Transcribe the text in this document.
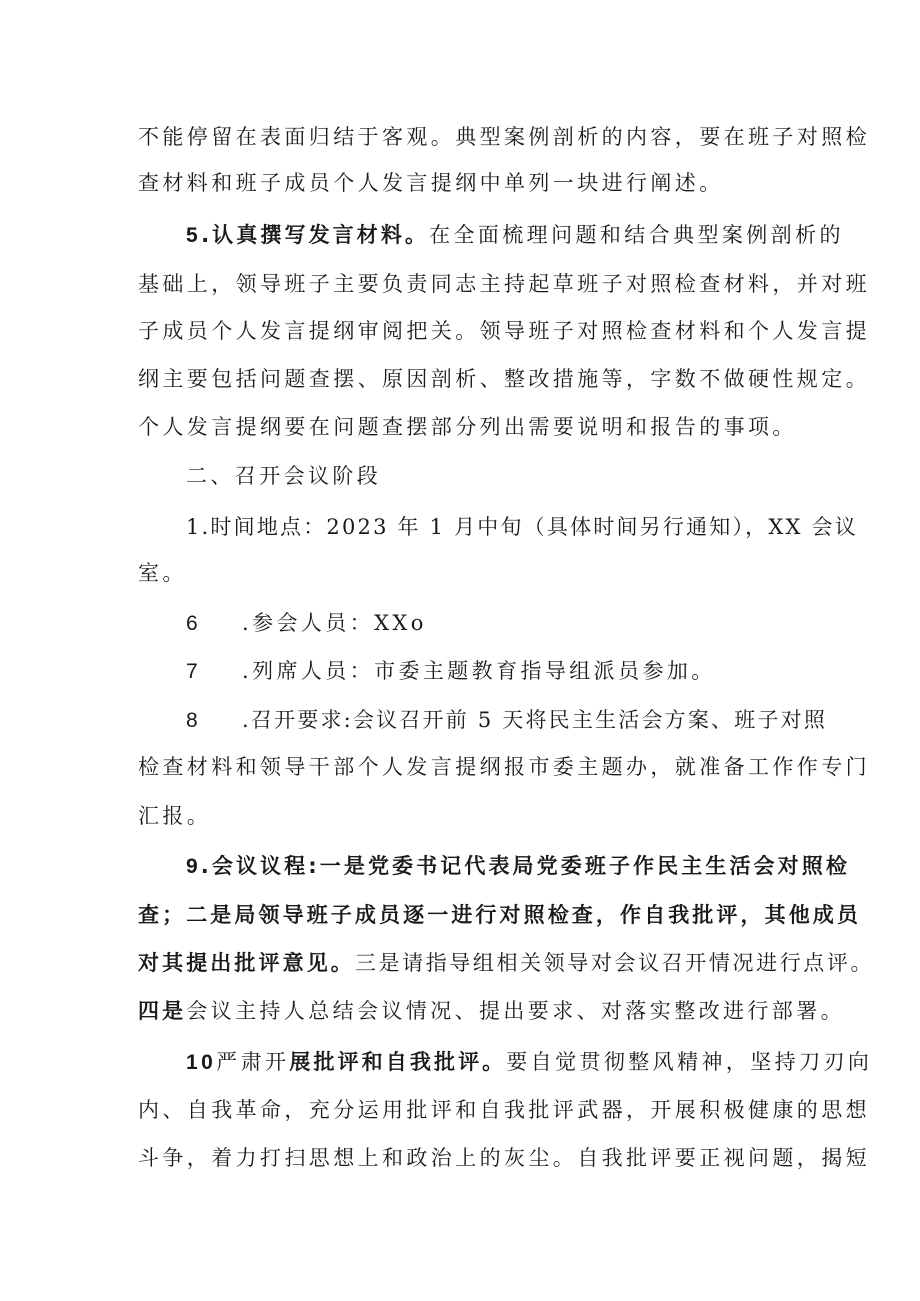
不能停留在表面归结于客观。典型案例剖析的内容，要在班子对照检
查材料和班子成员个人发言提纲中单列一块进行阐述。
5.认真撰写发言材料。在全面梳理问题和结合典型案例剖析的
基础上，领导班子主要负责同志主持起草班子对照检查材料，并对班
子成员个人发言提纲审阅把关。领导班子对照检查材料和个人发言提
纲主要包括问题查摆、原因剖析、整改措施等，字数不做硬性规定。
个人发言提纲要在问题查摆部分列出需要说明和报告的事项。
二、召开会议阶段
1.时间地点：2023 年 1 月中旬（具体时间另行通知），XX 会议
室。
6 .参会人员：XXo
7 .列席人员：市委主题教育指导组派员参加。
8 .召开要求:会议召开前 5 天将民主生活会方案、班子对照
检查材料和领导干部个人发言提纲报市委主题办，就准备工作作专门
汇报。
9.会议议程:一是党委书记代表局党委班子作民主生活会对照检
查；二是局领导班子成员逐一进行对照检查，作自我批评，其他成员
对其提出批评意见。三是请指导组相关领导对会议召开情况进行点评。
四是会议主持人总结会议情况、提出要求、对落实整改进行部署。
10严肃开展批评和自我批评。要自觉贯彻整风精神，坚持刀刃向
内、自我革命，充分运用批评和自我批评武器，开展积极健康的思想
斗争，着力打扫思想上和政治上的灰尘。自我批评要正视问题，揭短
